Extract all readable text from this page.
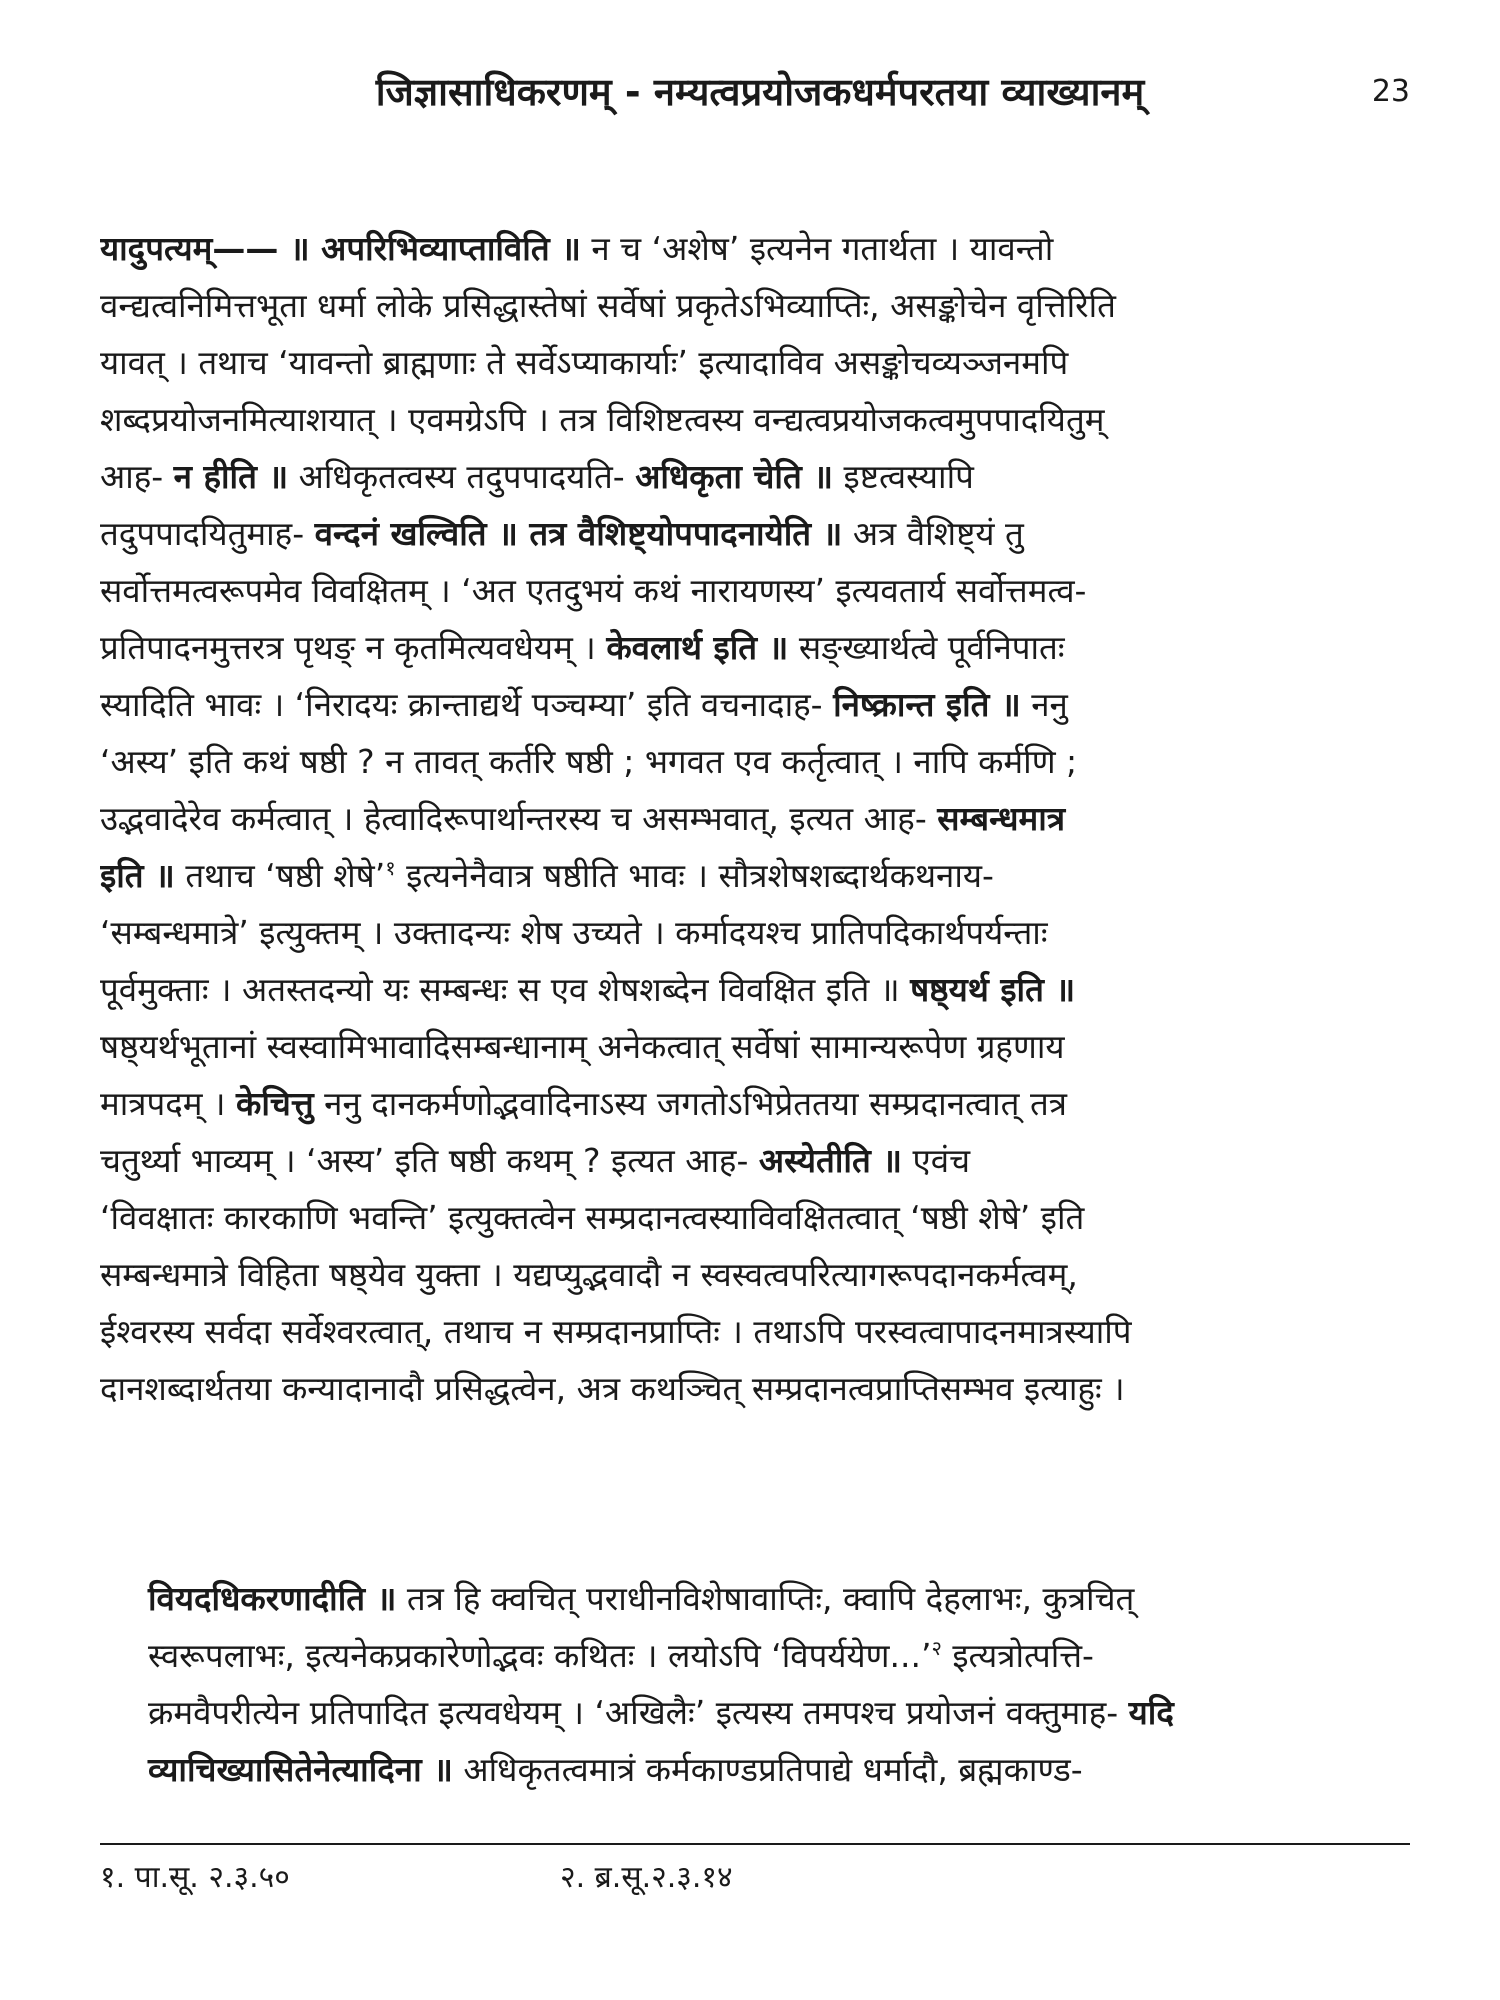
जिज्ञासाधिकरणम् - नम्यत्वप्रयोजकधर्मपरतया व्याख्यानम्	23
यादुपत्यम्—— ॥ अपरिभिव्याप्ताविति ॥ न च ‘अशेष’ इत्यनेन गतार्थता । यावन्तो
वन्द्यत्वनिमित्तभूता धर्मा लोके प्रसिद्धास्तेषां सर्वेषां प्रकृतेऽभिव्याप्तिः, असङ्कोचेन वृत्तिरिति
यावत् । तथाच ‘यावन्तो ब्राह्मणाः ते सर्वेऽप्याकार्याः’ इत्यादाविव असङ्कोचव्यञ्जनमपि
शब्दप्रयोजनमित्याशयात् । एवमग्रेऽपि । तत्र विशिष्टत्वस्य वन्द्यत्वप्रयोजकत्वमुपपादयितुम्
आह- न हीति ॥ अधिकृतत्वस्य तदुपपादयति- अधिकृता चेति ॥ इष्टत्वस्यापि
तदुपपादयितुमाह- वन्दनं खल्विति ॥ तत्र वैशिष्ट्योपपादनायेति ॥ अत्र वैशिष्ट्यं तु
सर्वोत्तमत्वरूपमेव विवक्षितम् । ‘अत एतदुभयं कथं नारायणस्य’ इत्यवतार्य सर्वोत्तमत्व-
प्रतिपादनमुत्तरत्र पृथङ् न कृतमित्यवधेयम् । केवलार्थ इति ॥ सङ्ख्यार्थत्वे पूर्वनिपातः
स्यादिति भावः । ‘निरादयः क्रान्ताद्यर्थे पञ्चम्या’ इति वचनादाह- निष्क्रान्त इति ॥ ननु
‘अस्य’ इति कथं षष्ठी ? न तावत् कर्तरि षष्ठी ; भगवत एव कर्तृत्वात् । नापि कर्मणि ;
उद्भवादेरेव कर्मत्वात् । हेत्वादिरूपार्थान्तरस्य च असम्भवात्, इत्यत आह- सम्बन्धमात्र
इति ॥ तथाच ‘षष्ठी शेषे’$^१$ इत्यनेनैवात्र षष्ठीति भावः । सौत्रशेषशब्दार्थकथनाय-
‘सम्बन्धमात्रे’ इत्युक्तम् । उक्तादन्यः शेष उच्यते । कर्मादयश्च प्रातिपदिकार्थपर्यन्ताः
पूर्वमुक्ताः । अतस्तदन्यो यः सम्बन्धः स एव शेषशब्देन विवक्षित इति ॥ षष्ठ्यर्थ इति ॥
षष्ठ्यर्थभूतानां स्वस्वामिभावादिसम्बन्धानाम् अनेकत्वात् सर्वेषां सामान्यरूपेण ग्रहणाय
मात्रपदम् । केचित्तु ननु दानकर्मणोद्भवादिनाऽस्य जगतोऽभिप्रेततया सम्प्रदानत्वात् तत्र
चतुर्थ्या भाव्यम् । ‘अस्य’ इति षष्ठी कथम् ? इत्यत आह- अस्येतीति ॥ एवंच
‘विवक्षातः कारकाणि भवन्ति’ इत्युक्तत्वेन सम्प्रदानत्वस्याविवक्षितत्वात् ‘षष्ठी शेषे’ इति
सम्बन्धमात्रे विहिता षष्ठ्येव युक्ता । यद्यप्युद्भवादौ न स्वस्वत्वपरित्यागरूपदानकर्मत्वम्,
ईश्वरस्य सर्वदा सर्वेश्वरत्वात्, तथाच न सम्प्रदानप्राप्तिः । तथाऽपि परस्वत्वापादनमात्रस्यापि
दानशब्दार्थतया कन्यादानादौ प्रसिद्धत्वेन, अत्र कथञ्चित् सम्प्रदानत्वप्राप्तिसम्भव इत्याहुः ।
वियदधिकरणादीति ॥ तत्र हि क्वचित् पराधीनविशेषावाप्तिः, क्वापि देहलाभः, कुत्रचित्
स्वरूपलाभः, इत्यनेकप्रकारेणोद्भवः कथितः । लयोऽपि ‘विपर्ययेण...’$^२$ इत्यत्रोत्पत्ति-
क्रमवैपरीत्येन प्रतिपादित इत्यवधेयम् । ‘अखिलैः’ इत्यस्य तमपश्च प्रयोजनं वक्तुमाह- यदि
व्याचिख्यासितेनेत्यादिना ॥ अधिकृतत्वमात्रं कर्मकाण्डप्रतिपाद्ये धर्मादौ, ब्रह्मकाण्ड-
१. पा.सू. २.३.५०	२. ब्र.सू.२.३.१४
